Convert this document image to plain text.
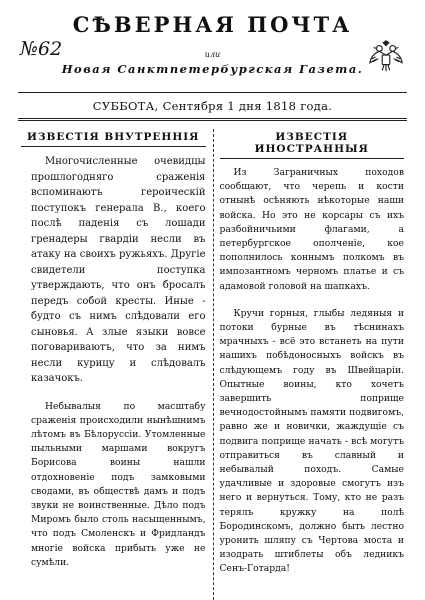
СѢВЕРНАЯ ПОЧТА
№62	или
Новая Санктпетербургская Газета.
СУББОТА, Сентября 1 дня 1818 года.
ИЗВЕСТІЯ ВНУТРЕННІЯ

Многочисленные очевидцы прошлогодняго сраженія вспоминаютъ героическій поступокъ генерала В., коего послѣ паденія съ лошади гренадеры гвардіи несли въ атаку на своихъ ружьяхъ. Другіе свидетели поступка утверждають, что онъ бросалъ передъ собой кресты. Иные - будто съ нимъ слѣдовали его сыновья. А злые языки вовсе поговариваютъ, что за нимъ несли курицу и слѣдовалъ казачокъ.

Небывалыя по масштабу сраженія происходили нынѣшнимъ лѣтомъ въ Бѣлоруссіи. Утомленные пыльными маршами вокругъ Борисова воины нашли отдохновеніе подъ замковыми сводами, въ обществѣ дамъ и подъ звуки не воинственные. Дѣло подъ Миромъ было столь насыщеннымъ, что подъ Смоленскъ и Фридландъ многіе войска прибыть уже не сумѣли.

ИЗВЕСТІЯ ИНОСТРАННЫЯ

Из Заграничных походов сообщают, что черепь и кости отнынѣ осѣняють нѣкоторые наши войска. Но это не корсары съ ихъ разбойничьими флагами, а петербургское ополченіе, кое пополнилось коннымъ полкомъ въ импозантномъ черномъ платье и съ адамовой головой на шапкахъ.

Кручи горныя, глыбы ледяныя и потоки бурные въ тѣснинахъ мрачныхъ - всё это встанеть на пути нашихъ побѣдоносныхъ войскъ въ слѣдующемъ году въ Швейцаріи. Опытные воины, кто хочетъ завершить поприще вечнодостойнымъ памяти подвигомъ, равно же и новички, жаждущіе съ подвига поприще начать - всѣ могутъ отправиться въ славный и небывалый походъ. Самые удачливые и здоровые смогутъ изъ него и вернуться. Тому, кто не разъ терялъ кружку на полѣ Бородинскомъ, должно быть лестно уронить шляпу съ Чертова моста и изодрать штиблеты объ ледникъ Сенъ-Готарда!
